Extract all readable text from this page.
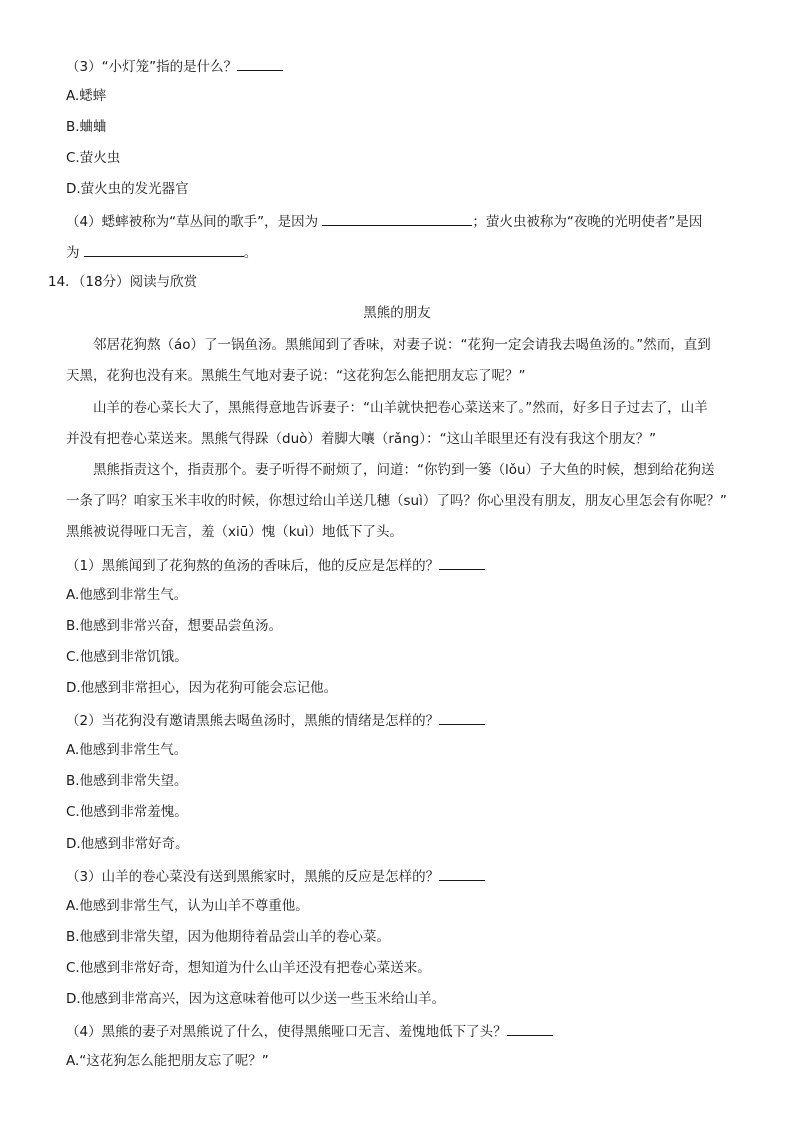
（3）“小灯笼”指的是什么？
A.蟋蟀
B.蛐蛐
C.萤火虫
D.萤火虫的发光器官
（4）蟋蟀被称为“草丛间的歌手”，是因为	；萤火虫被称为“夜晚的光明使者”是因
为	。
14．（18分）阅读与欣赏
黑熊的朋友
邻居花狗熬（áo）了一锅鱼汤。黑熊闻到了香味，对妻子说：“花狗一定会请我去喝鱼汤的。”然而，直到
天黑，花狗也没有来。黑熊生气地对妻子说：“这花狗怎么能把朋友忘了呢？”
山羊的卷心菜长大了，黑熊得意地告诉妻子：“山羊就快把卷心菜送来了。”然而，好多日子过去了，山羊
并没有把卷心菜送来。黑熊气得跺（duò）着脚大嚷（rǎng）：“这山羊眼里还有没有我这个朋友？”
黑熊指责这个，指责那个。妻子听得不耐烦了，问道：“你钓到一篓（lǒu）子大鱼的时候，想到给花狗送
一条了吗？咱家玉米丰收的时候，你想过给山羊送几穗（suì）了吗？你心里没有朋友，朋友心里怎会有你呢？”
黑熊被说得哑口无言，羞（xiū）愧（kuì）地低下了头。
（1）黑熊闻到了花狗熬的鱼汤的香味后，他的反应是怎样的？
A.他感到非常生气。
B.他感到非常兴奋，想要品尝鱼汤。
C.他感到非常饥饿。
D.他感到非常担心，因为花狗可能会忘记他。
（2）当花狗没有邀请黑熊去喝鱼汤时，黑熊的情绪是怎样的？
A.他感到非常生气。
B.他感到非常失望。
C.他感到非常羞愧。
D.他感到非常好奇。
（3）山羊的卷心菜没有送到黑熊家时，黑熊的反应是怎样的？
A.他感到非常生气，认为山羊不尊重他。
B.他感到非常失望，因为他期待着品尝山羊的卷心菜。
C.他感到非常好奇，想知道为什么山羊还没有把卷心菜送来。
D.他感到非常高兴，因为这意味着他可以少送一些玉米给山羊。
（4）黑熊的妻子对黑熊说了什么，使得黑熊哑口无言、羞愧地低下了头？
A.“这花狗怎么能把朋友忘了呢？”
